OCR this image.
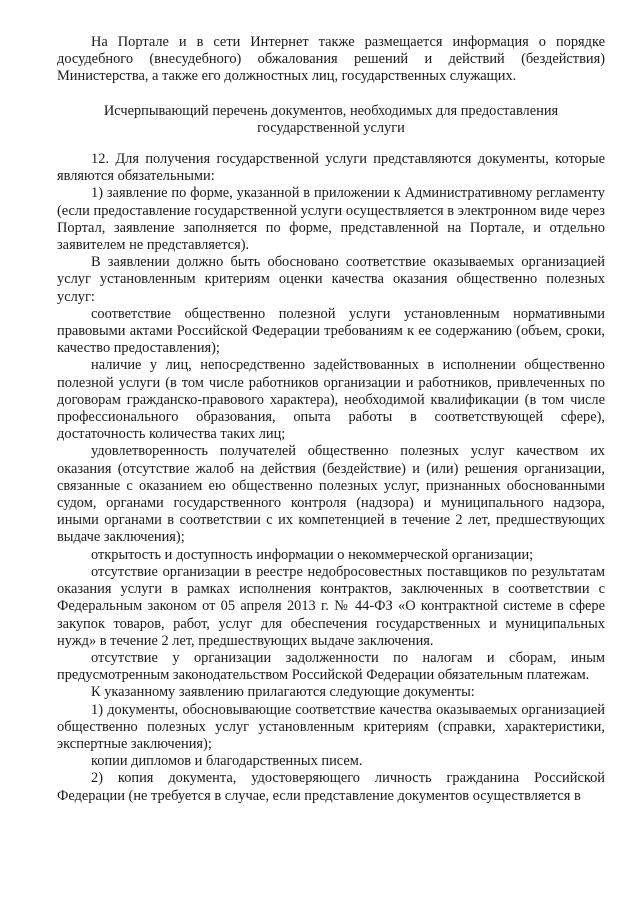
На Портале и в сети Интернет также размещается информация о порядке досудебного (внесудебного) обжалования решений и действий (бездействия) Министерства, а также его должностных лиц, государственных служащих.

Исчерпывающий перечень документов, необходимых для предоставления государственной услуги

12. Для получения государственной услуги представляются документы, которые являются обязательными:

1) заявление по форме, указанной в приложении к Административному регламенту (если предоставление государственной услуги осуществляется в электронном виде через Портал, заявление заполняется по форме, представленной на Портале, и отдельно заявителем не представляется).

В заявлении должно быть обосновано соответствие оказываемых организацией услуг установленным критериям оценки качества оказания общественно полезных услуг:

соответствие общественно полезной услуги установленным нормативными правовыми актами Российской Федерации требованиям к ее содержанию (объем, сроки, качество предоставления);

наличие у лиц, непосредственно задействованных в исполнении общественно полезной услуги (в том числе работников организации и работников, привлеченных по договорам гражданско-правового характера), необходимой квалификации (в том числе профессионального образования, опыта работы в соответствующей сфере), достаточность количества таких лиц;

удовлетворенность получателей общественно полезных услуг качеством их оказания (отсутствие жалоб на действия (бездействие) и (или) решения организации, связанные с оказанием ею общественно полезных услуг, признанных обоснованными судом, органами государственного контроля (надзора) и муниципального надзора, иными органами в соответствии с их компетенцией в течение 2 лет, предшествующих выдаче заключения);

открытость и доступность информации о некоммерческой организации;

отсутствие организации в реестре недобросовестных поставщиков по результатам оказания услуги в рамках исполнения контрактов, заключенных в соответствии с Федеральным законом от 05 апреля 2013 г. № 44-ФЗ «О контрактной системе в сфере закупок товаров, работ, услуг для обеспечения государственных и муниципальных нужд» в течение 2 лет, предшествующих выдаче заключения.

отсутствие у организации задолженности по налогам и сборам, иным предусмотренным законодательством Российской Федерации обязательным платежам.

К указанному заявлению прилагаются следующие документы:

1) документы, обосновывающие соответствие качества оказываемых организацией общественно полезных услуг установленным критериям (справки, характеристики, экспертные заключения);

копии дипломов и благодарственных писем.

2) копия документа, удостоверяющего личность гражданина Российской Федерации (не требуется в случае, если представление документов осуществляется в
